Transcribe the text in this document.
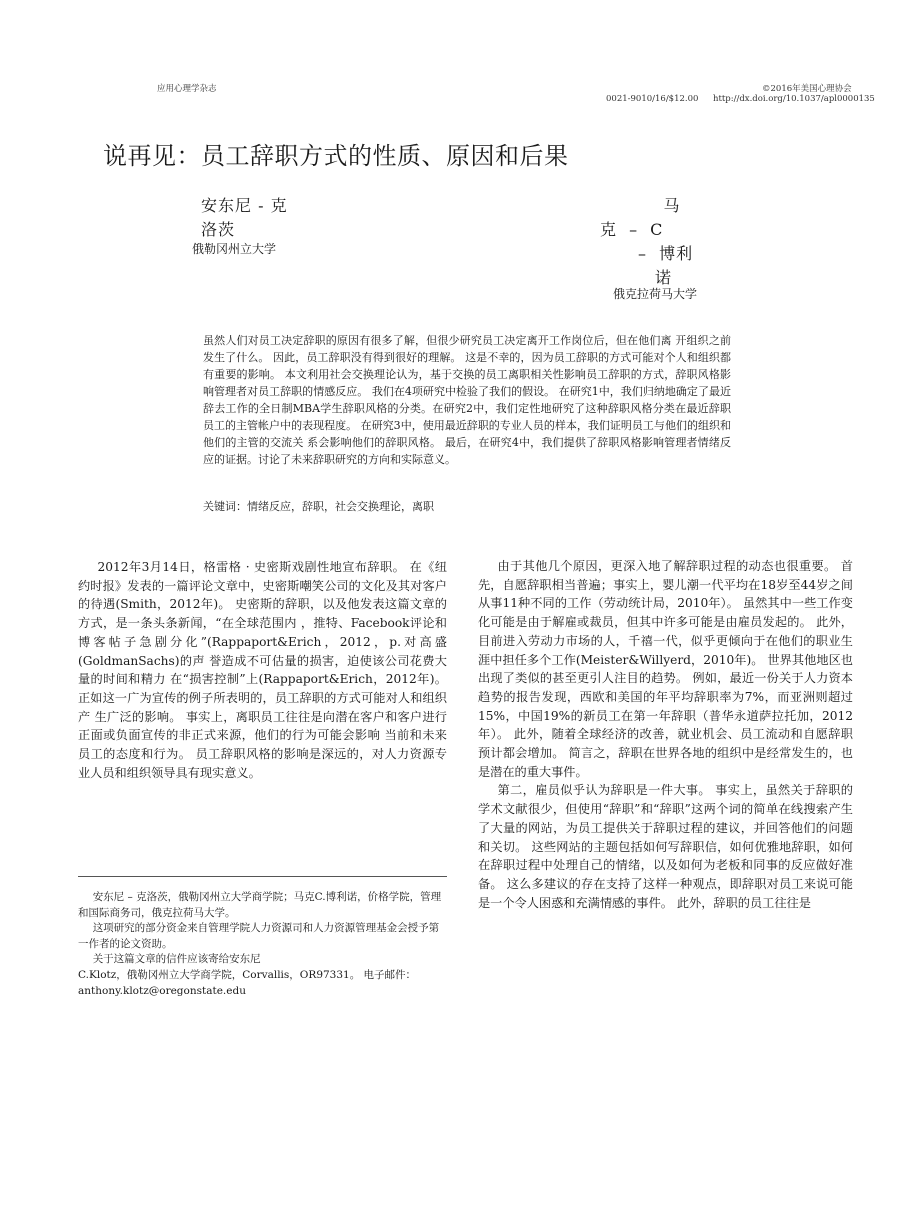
应用心理学杂志	©2016年美国心理协会
0021-9010/16/$12.00 http://dx.doi.org/10.1037/apl0000135
说再见：员工辞职方式的性质、原因和后果
安东尼 - 克
洛茨
俄勒冈州立大学
马
克 – C
– 博利
诺
俄克拉荷马大学
虽然人们对员工决定辞职的原因有很多了解，但很少研究员工决定离开工作岗位后，但在他们离 开组织之前发生了什么。 因此，员工辞职没有得到很好的理解。 这是不幸的，因为员工辞职的方式可能对个人和组织都有重要的影响。 本文利用社会交换理论认为，基于交换的员工离职相关性影响员工辞职的方式，辞职风格影响管理者对员工辞职的情感反应。 我们在4项研究中检验了我们的假设。 在研究1中，我们归纳地确定了最近辞去工作的全日制MBA学生辞职风格的分类。在研究2中，我们定性地研究了这种辞职风格分类在最近辞职员工的主管帐户中的表现程度。 在研究3中，使用最近辞职的专业人员的样本，我们证明员工与他们的组织和他们的主管的交流关 系会影响他们的辞职风格。 最后，在研究4中，我们提供了辞职风格影响管理者情绪反应的证据。讨论了未来辞职研究的方向和实际意义。
关键词：情绪反应，辞职，社会交换理论，离职

2012年3月14日，格雷格 · 史密斯戏剧性地宣布辞职。 在《纽约时报》发表的一篇评论文章中，史密斯嘲笑公司的文化及其对客户的待遇(Smith，2012年)。 史密斯的辞职，以及他发表这篇文章的方式，是一条头条新闻，“在全球范围内 ，推特、Facebook评论和博客帖子急剧分化”(Rappaport&Erich，2012，p.对高盛(GoldmanSachs)的声 誉造成不可估量的损害，迫使该公司花费大量的时间和精力 在“损害控制”上(Rappaport&Erich，2012年)。 正如这一广为宣传的例子所表明的，员工辞职的方式可能对人和组织产 生广泛的影响。 事实上，离职员工往往是向潜在客户和客户进行正面或负面宣传的非正式来源，他们的行为可能会影响 当前和未来员工的态度和行为。 员工辞职风格的影响是深远的，对人力资源专业人员和组织领导具有现实意义。

安东尼 – 克洛茨，俄勒冈州立大学商学院；马克C.博利诺，价格学院，管理和国际商务司，俄克拉荷马大学。

这项研究的部分资金来自管理学院人力资源司和人力资源管理基金会授予第一作者的论文资助。

关于这篇文章的信件应该寄给安东尼

C.Klotz，俄勒冈州立大学商学院，Corvallis，OR97331。 电子邮件：anthony.klotz@oregonstate.edu

由于其他几个原因，更深入地了解辞职过程的动态也很重要。 首先，自愿辞职相当普遍；事实上，婴儿潮一代平均在18岁至44岁之间从事11种不同的工作（劳动统计局，2010年）。 虽然其中一些工作变化可能是由于解雇或裁员，但其中许多可能是由雇员发起的。 此外，目前进入劳动力市场的人，千禧一代，似乎更倾向于在他们的职业生涯中担任多个工作(Meister&Willyerd，2010年)。 世界其他地区也出现了类似的甚至更引人注目的趋势。 例如，最近一份关于人力资本趋势的报告发现，西欧和美国的年平均辞职率为7%，而亚洲则超过15%，中国19%的新员工在第一年辞职（普华永道萨拉托加，2012年）。 此外，随着全球经济的改善，就业机会、员工流动和自愿辞职预计都会增加。 简言之，辞职在世界各地的组织中是经常发生的，也是潜在的重大事件。

第二，雇员似乎认为辞职是一件大事。 事实上，虽然关于辞职的学术文献很少，但使用“辞职”和“辞职”这两个词的简单在线搜索产生了大量的网站，为员工提供关于辞职过程的建议，并回答他们的问题和关切。 这些网站的主题包括如何写辞职信，如何优雅地辞职，如何在辞职过程中处理自己的情绪，以及如何为老板和同事的反应做好准备。 这么多建议的存在支持了这样一种观点，即辞职对员工来说可能是一个令人困惑和充满情感的事件。 此外，辞职的员工往往是
